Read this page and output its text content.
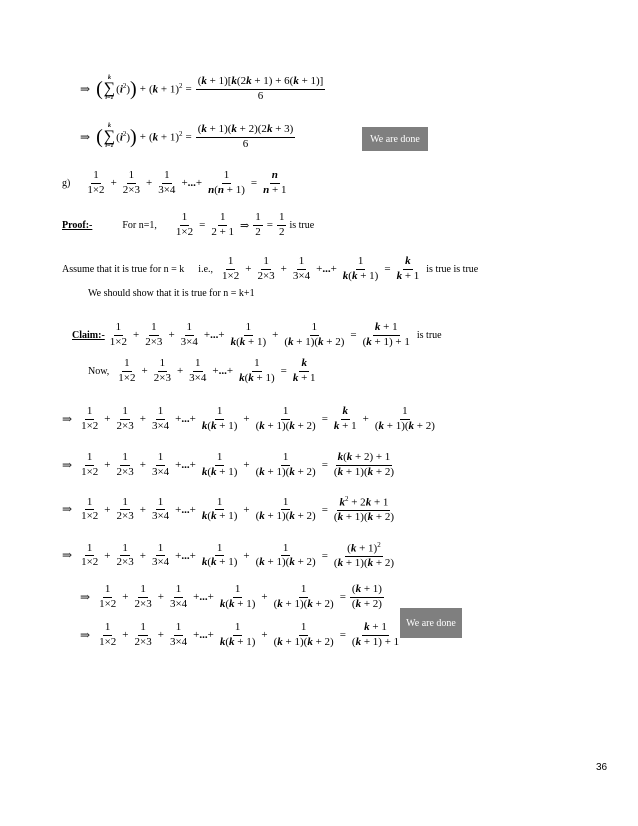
⇒ ( k
∑
i=1
$(i^2)$ ) + $(k + 1)^2 = \frac{(k + 1)[k(2k + 1) + 6(k + 1)]}{6}$
⇒ ( k
∑
i=1
$(i^2)$ ) + $(k + 1)^2 = \frac{(k + 1)(k + 2)(2k + 3)}{6}$	We are done
$g) \frac{1}{1\times 2} + \frac{1}{2\times 3} + \frac{1}{3\times 4}$ +...+ $\frac{1}{n(n + 1)} = \frac{n}{n + 1}$
Proof:-	For n=1, $\frac{1}{1\times 2} = \frac{1}{2 + 1}$ ⇒ $\frac{1}{2} = \frac{1}{2}$ is true
Assume that it is true for n = k i.e., $\frac{1}{1\times 2} + \frac{1}{2\times 3} + \frac{1}{3\times 4}$ +...+ $\frac{1}{k(k + 1)} = \frac{k}{k + 1}$ is true is true
We should show that it is true for n = k+1
Claim:- $\frac{1}{1\times 2} + \frac{1}{2\times 3} + \frac{1}{3\times 4}$ +...+ $\frac{1}{k(k + 1)} + \frac{1}{(k + 1)(k + 2)} = \frac{k + 1}{(k + 1) + 1}$ is true
Now, $\frac{1}{1\times 2} + \frac{1}{2\times 3} + \frac{1}{3\times 4}$ +...+ $\frac{1}{k(k + 1)} = \frac{k}{k + 1}$
⇒ $\frac{1}{1\times 2} + \frac{1}{2\times 3} + \frac{1}{3\times 4}$ +...+ $\frac{1}{k(k + 1)} + \frac{1}{(k + 1)(k + 2)} = \frac{k}{k + 1} + \frac{1}{(k + 1)(k + 2)}$
⇒ $\frac{1}{1\times 2} + \frac{1}{2\times 3} + \frac{1}{3\times 4}$ +...+ $\frac{1}{k(k + 1)} + \frac{1}{(k + 1)(k + 2)} = \frac{k(k + 2) + 1}{(k + 1)(k + 2)}$
⇒ $\frac{1}{1\times 2} + \frac{1}{2\times 3} + \frac{1}{3\times 4}$ +...+ $\frac{1}{k(k + 1)} + \frac{1}{(k + 1)(k + 2)} = \frac{k^2 + 2k + 1}{(k + 1)(k + 2)}$
⇒ $\frac{1}{1\times 2} + \frac{1}{2\times 3} + \frac{1}{3\times 4}$ +...+ $\frac{1}{k(k + 1)} + \frac{1}{(k + 1)(k + 2)} = \frac{(k + 1)^2}{(k + 1)(k + 2)}$
⇒ $\frac{1}{1\times 2} + \frac{1}{2\times 3} + \frac{1}{3\times 4}$ +...+ $\frac{1}{k(k + 1)} + \frac{1}{(k + 1)(k + 2)} = \frac{(k + 1)}{(k + 2)}$
⇒ $\frac{1}{1\times 2} + \frac{1}{2\times 3} + \frac{1}{3\times 4}$ +...+ $\frac{1}{k(k + 1)} + \frac{1}{(k + 1)(k + 2)} = \frac{k + 1}{(k + 1) + 1}$ We are done
36
